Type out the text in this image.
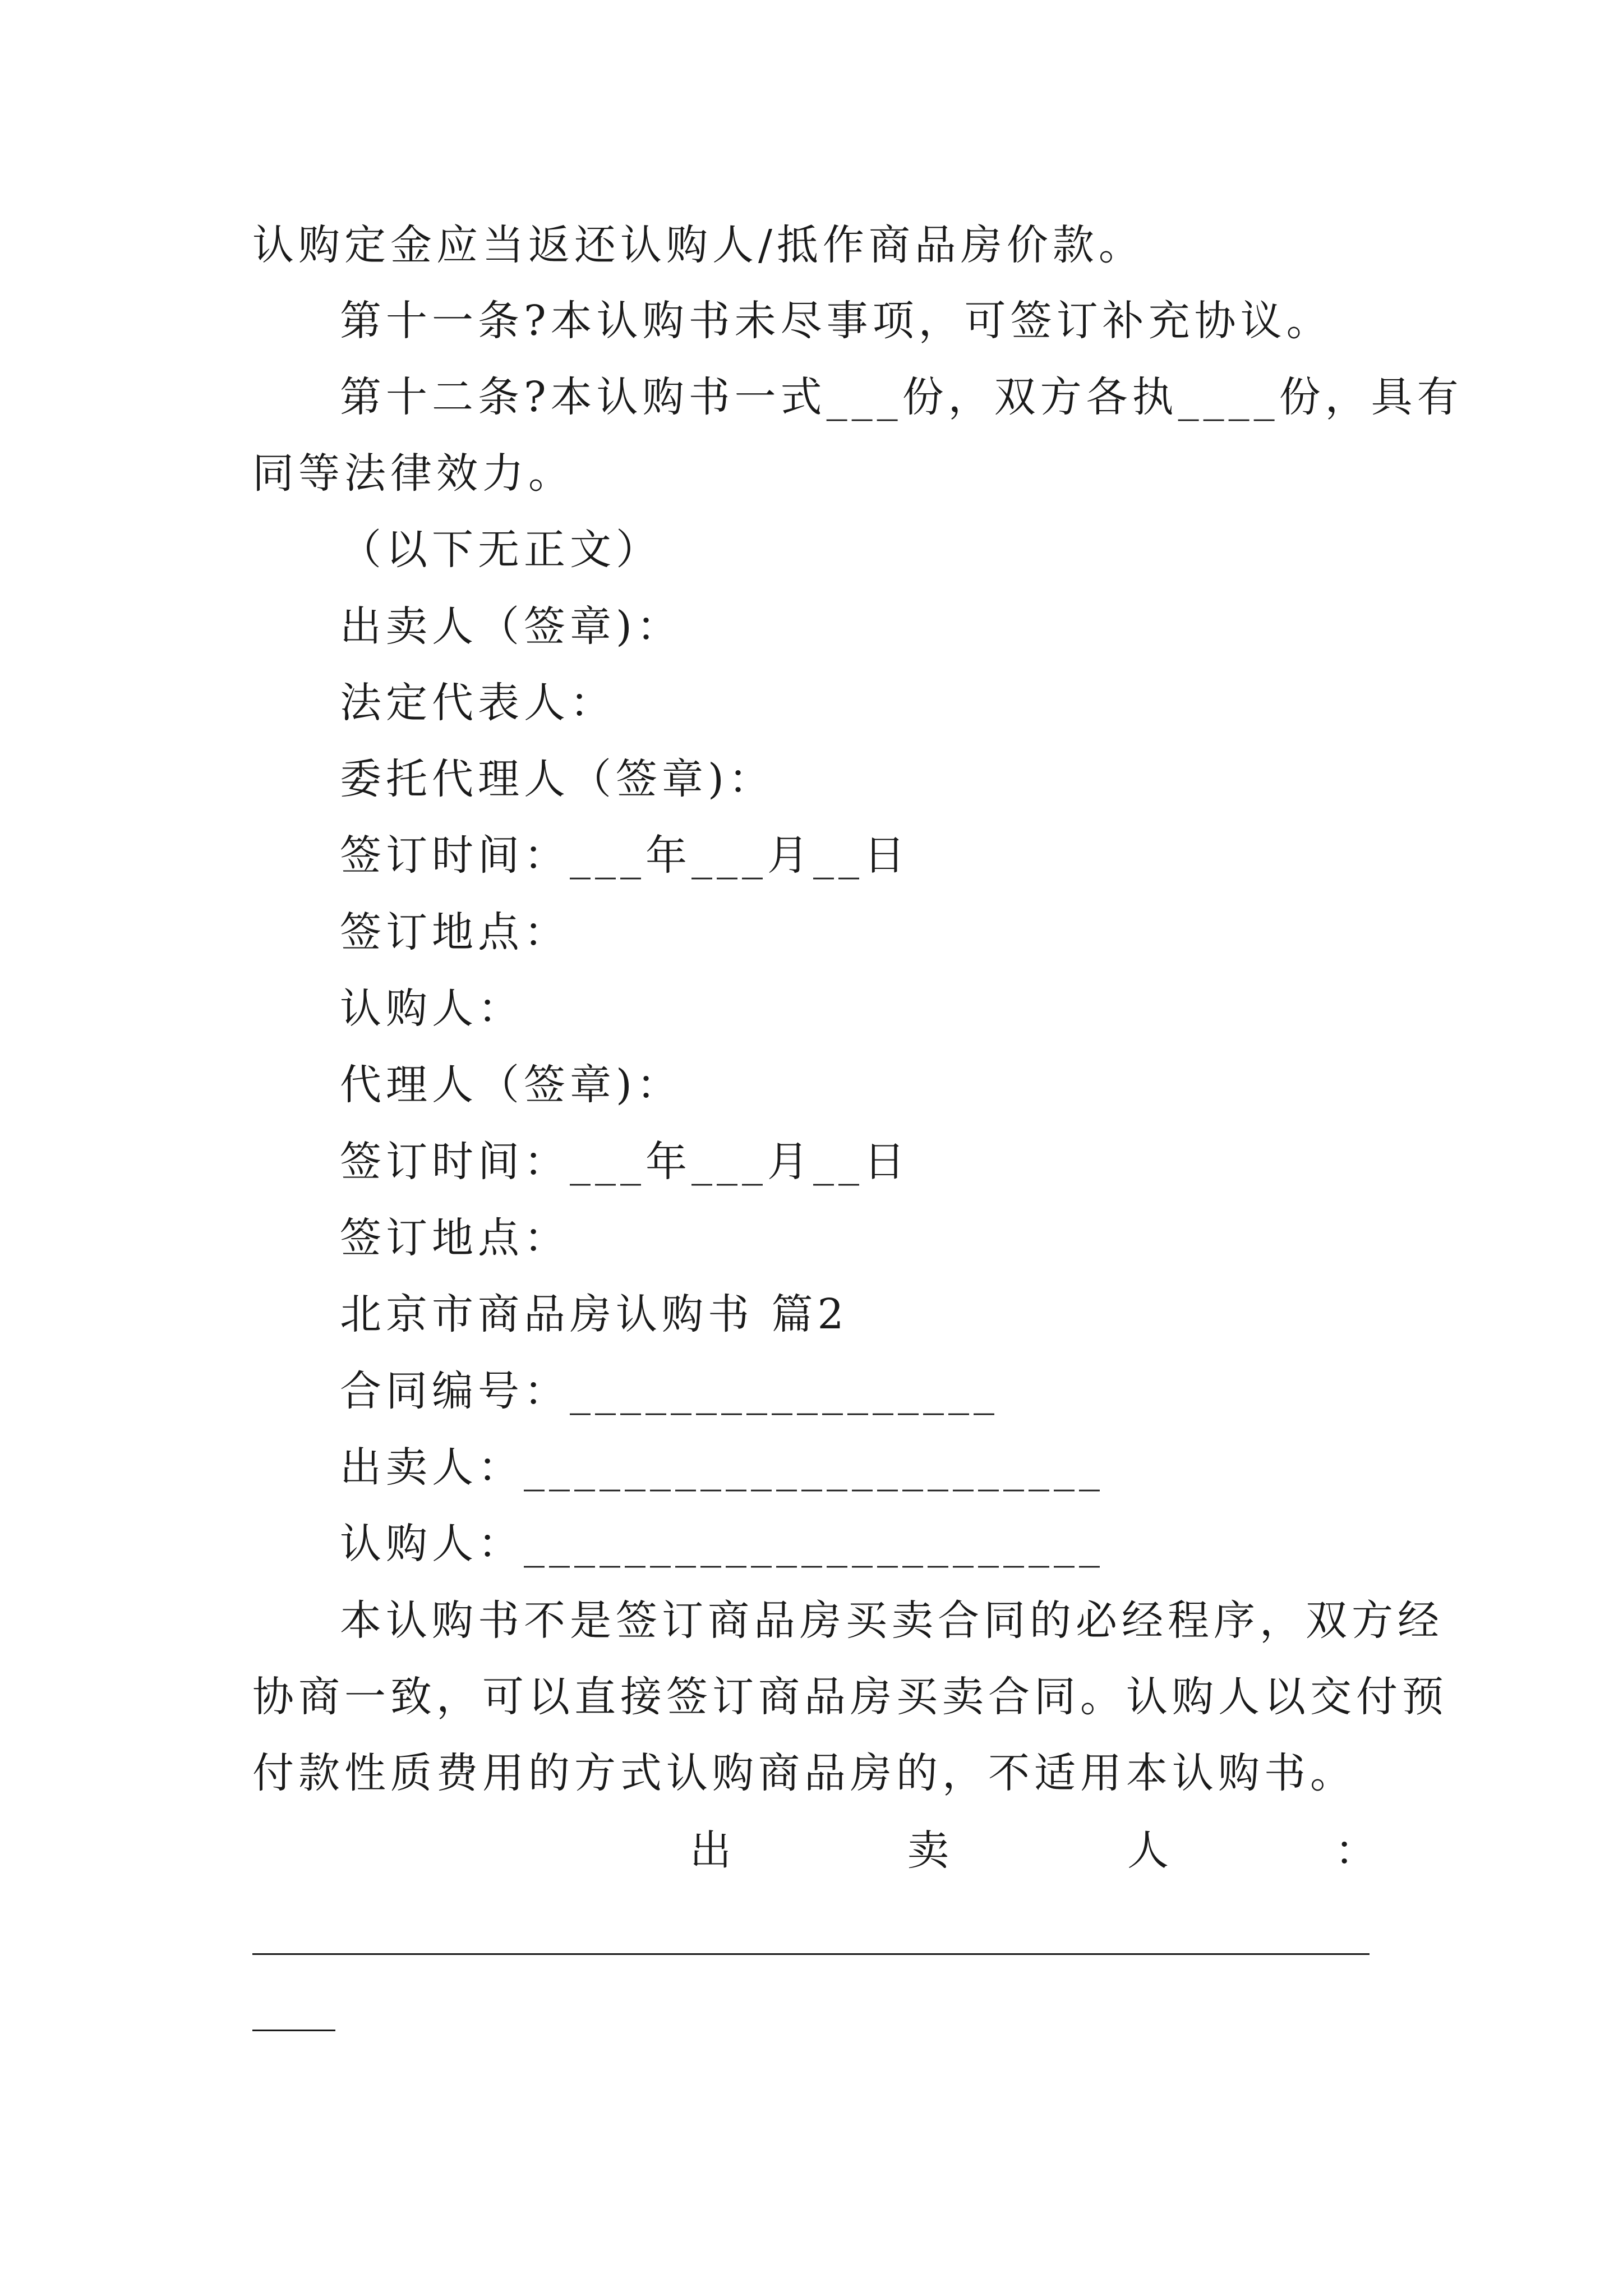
认购定金应当返还认购人/抵作商品房价款。
第十一条?本认购书未尽事项，可签订补充协议。
第十二条?本认购书一式___份，双方各执____份，具有
同等法律效力。
（以下无正文）
出卖人（签章)：
法定代表人：
委托代理人（签章)：
签订时间：___年___月__日
签订地点：
认购人：
代理人（签章)：
签订时间：___年___月__日
签订地点：
北京市商品房认购书 篇2
合同编号：_________________
出卖人：_______________________
认购人：_______________________
本认购书不是签订商品房买卖合同的必经程序，双方经
协商一致，可以直接签订商品房买卖合同。认购人以交付预
付款性质费用的方式认购商品房的，不适用本认购书。
出	卖	人	：
